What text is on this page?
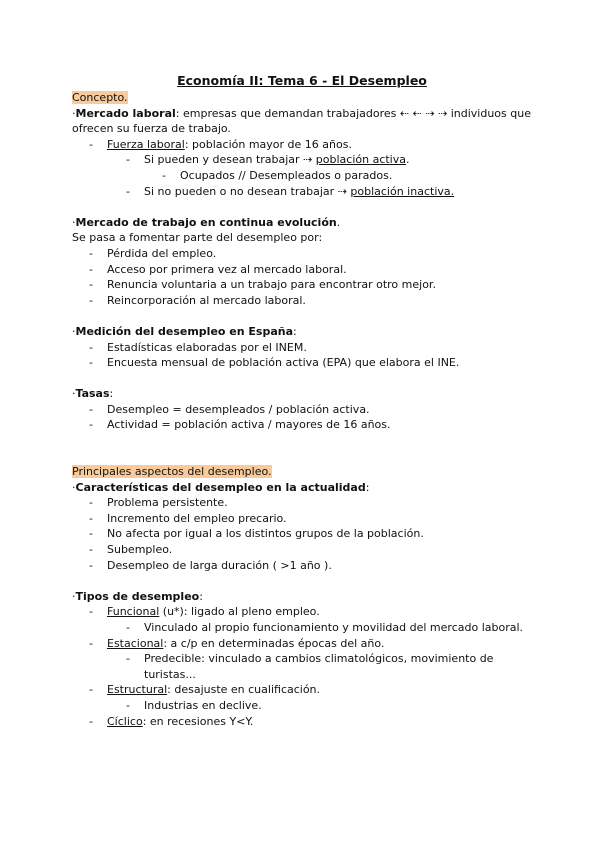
Economía II: Tema 6 - El Desempleo

Concepto.

·Mercado laboral: empresas que demandan trabajadores ⇠ ⇠ ⇢ ⇢ individuos que

ofrecen su fuerza de trabajo.

-	Fuerza laboral: población mayor de 16 años.
-	Si pueden y desean trabajar ⇢ población activa.
-	Ocupados // Desempleados o parados.
-	Si no pueden o no desean trabajar ⇢ población inactiva.

·Mercado de trabajo en continua evolución.

Se pasa a fomentar parte del desempleo por:

-	Pérdida del empleo.
-	Acceso por primera vez al mercado laboral.
-	Renuncia voluntaria a un trabajo para encontrar otro mejor.
-	Reincorporación al mercado laboral.

·Medición del desempleo en España:

-	Estadísticas elaboradas por el INEM.
-	Encuesta mensual de población activa (EPA) que elabora el INE.

·Tasas:

-	Desempleo = desempleados / población activa.
-	Actividad = población activa / mayores de 16 años.

Principales aspectos del desempleo.

·Características del desempleo en la actualidad:

-	Problema persistente.
-	Incremento del empleo precario.
-	No afecta por igual a los distintos grupos de la población.
-	Subempleo.
-	Desempleo de larga duración ( >1 año ).

·Tipos de desempleo:

-	Funcional (u*): ligado al pleno empleo.
-	Vinculado al propio funcionamiento y movilidad del mercado laboral.
-	Estacional: a c/p en determinadas épocas del año.
-	Predecible: vinculado a cambios climatológicos, movimiento de turistas...
-	Estructural: desajuste en cualificación.
-	Industrias en declive.
-	Cíclico: en recesiones Y<Y.
